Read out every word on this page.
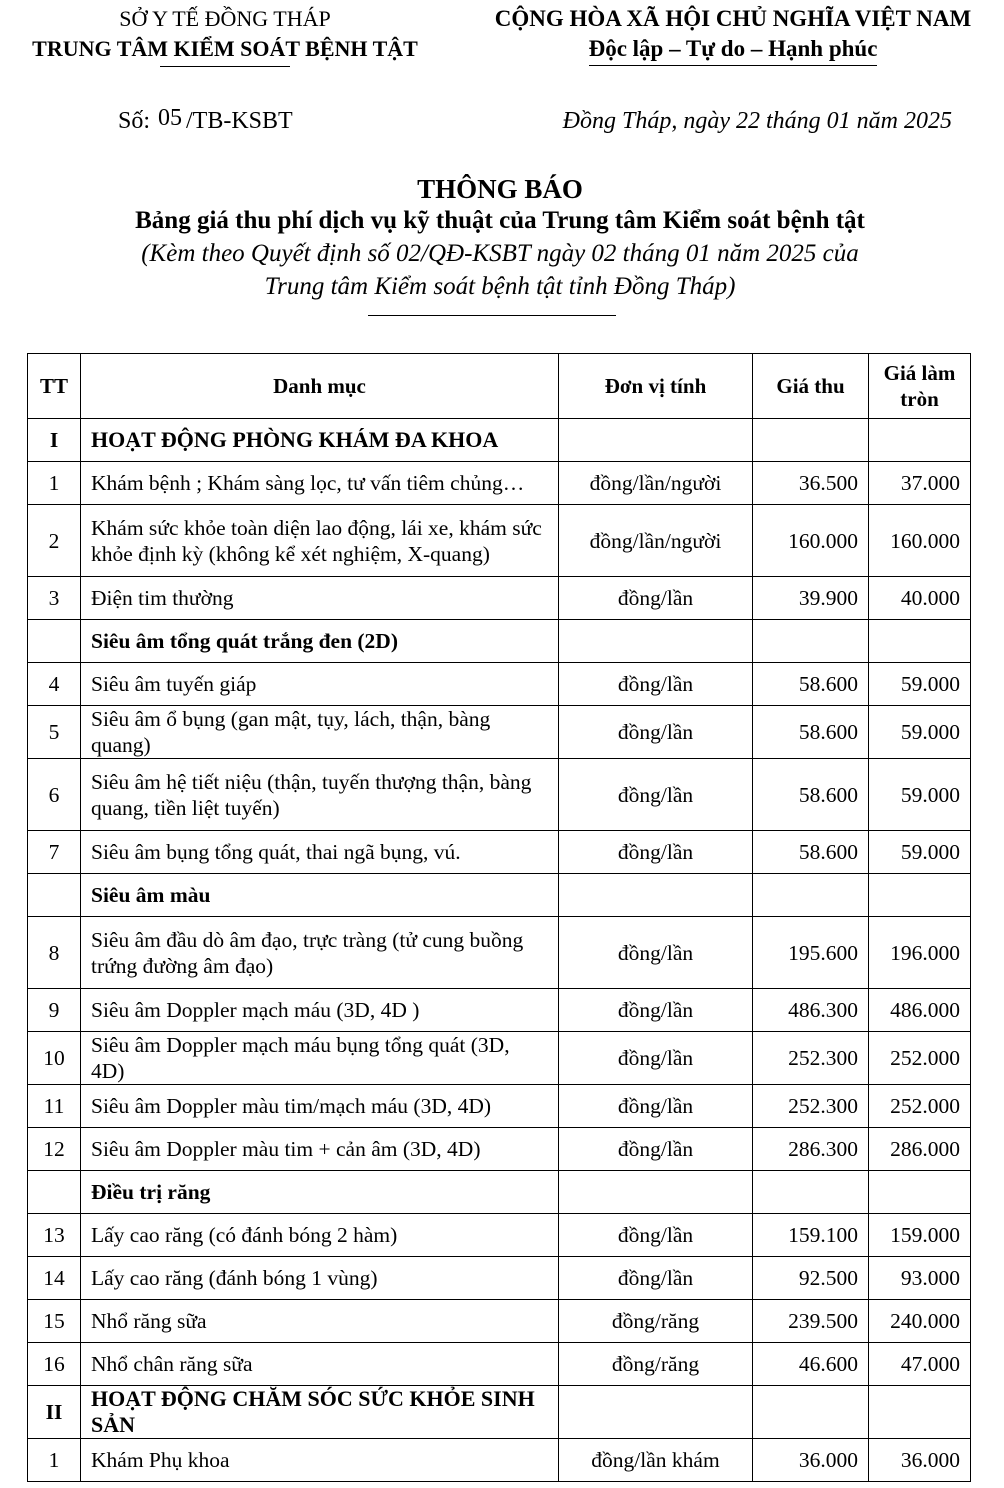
SỞ Y TẾ ĐỒNG THÁP
TRUNG TÂM KIỂM SOÁT BỆNH TẬT
CỘNG HÒA XÃ HỘI CHỦ NGHĨA VIỆT NAM
Độc lập – Tự do – Hạnh phúc
Số: 05 /TB-KSBT	Đồng Tháp, ngày 22 tháng 01 năm 2025
THÔNG BÁO
Bảng giá thu phí dịch vụ kỹ thuật của Trung tâm Kiểm soát bệnh tật
(Kèm theo Quyết định số 02/QĐ-KSBT ngày 02 tháng 01 năm 2025 của
Trung tâm Kiểm soát bệnh tật tỉnh Đồng Tháp)
TT	Danh mục	Đơn vị tính	Giá thu	Giá làm
tròn

I	HOẠT ĐỘNG PHÒNG KHÁM ĐA KHOA			
1	Khám bệnh ; Khám sàng lọc, tư vấn tiêm chủng…	đồng/lần/người	36.500	37.000
2	Khám sức khỏe toàn diện lao động, lái xe, khám sức khỏe định kỳ (không kể xét nghiệm, X-quang)	đồng/lần/người	160.000	160.000
3	Điện tim thường	đồng/lần	39.900	40.000
	Siêu âm tổng quát trắng đen (2D)			
4	Siêu âm tuyến giáp	đồng/lần	58.600	59.000
5	Siêu âm ổ bụng (gan mật, tụy, lách, thận, bàng quang)	đồng/lần	58.600	59.000
6	Siêu âm hệ tiết niệu (thận, tuyến thượng thận, bàng quang, tiền liệt tuyến)	đồng/lần	58.600	59.000
7	Siêu âm bụng tổng quát, thai ngã bụng, vú.	đồng/lần	58.600	59.000
	Siêu âm màu			
8	Siêu âm đầu dò âm đạo, trực tràng (tử cung buồng trứng đường âm đạo)	đồng/lần	195.600	196.000
9	Siêu âm Doppler mạch máu (3D, 4D )	đồng/lần	486.300	486.000
10	Siêu âm Doppler mạch máu bụng tổng quát (3D, 4D)	đồng/lần	252.300	252.000
11	Siêu âm Doppler màu tim/mạch máu (3D, 4D)	đồng/lần	252.300	252.000
12	Siêu âm Doppler màu tim + cản âm (3D, 4D)	đồng/lần	286.300	286.000
	Điều trị răng			
13	Lấy cao răng (có đánh bóng 2 hàm)	đồng/lần	159.100	159.000
14	Lấy cao răng (đánh bóng 1 vùng)	đồng/lần	92.500	93.000
15	Nhổ răng sữa	đồng/răng	239.500	240.000
16	Nhổ chân răng sữa	đồng/răng	46.600	47.000
II	HOẠT ĐỘNG CHĂM SÓC SỨC KHỎE SINH SẢN			
1	Khám Phụ khoa	đồng/lần khám	36.000	36.000
